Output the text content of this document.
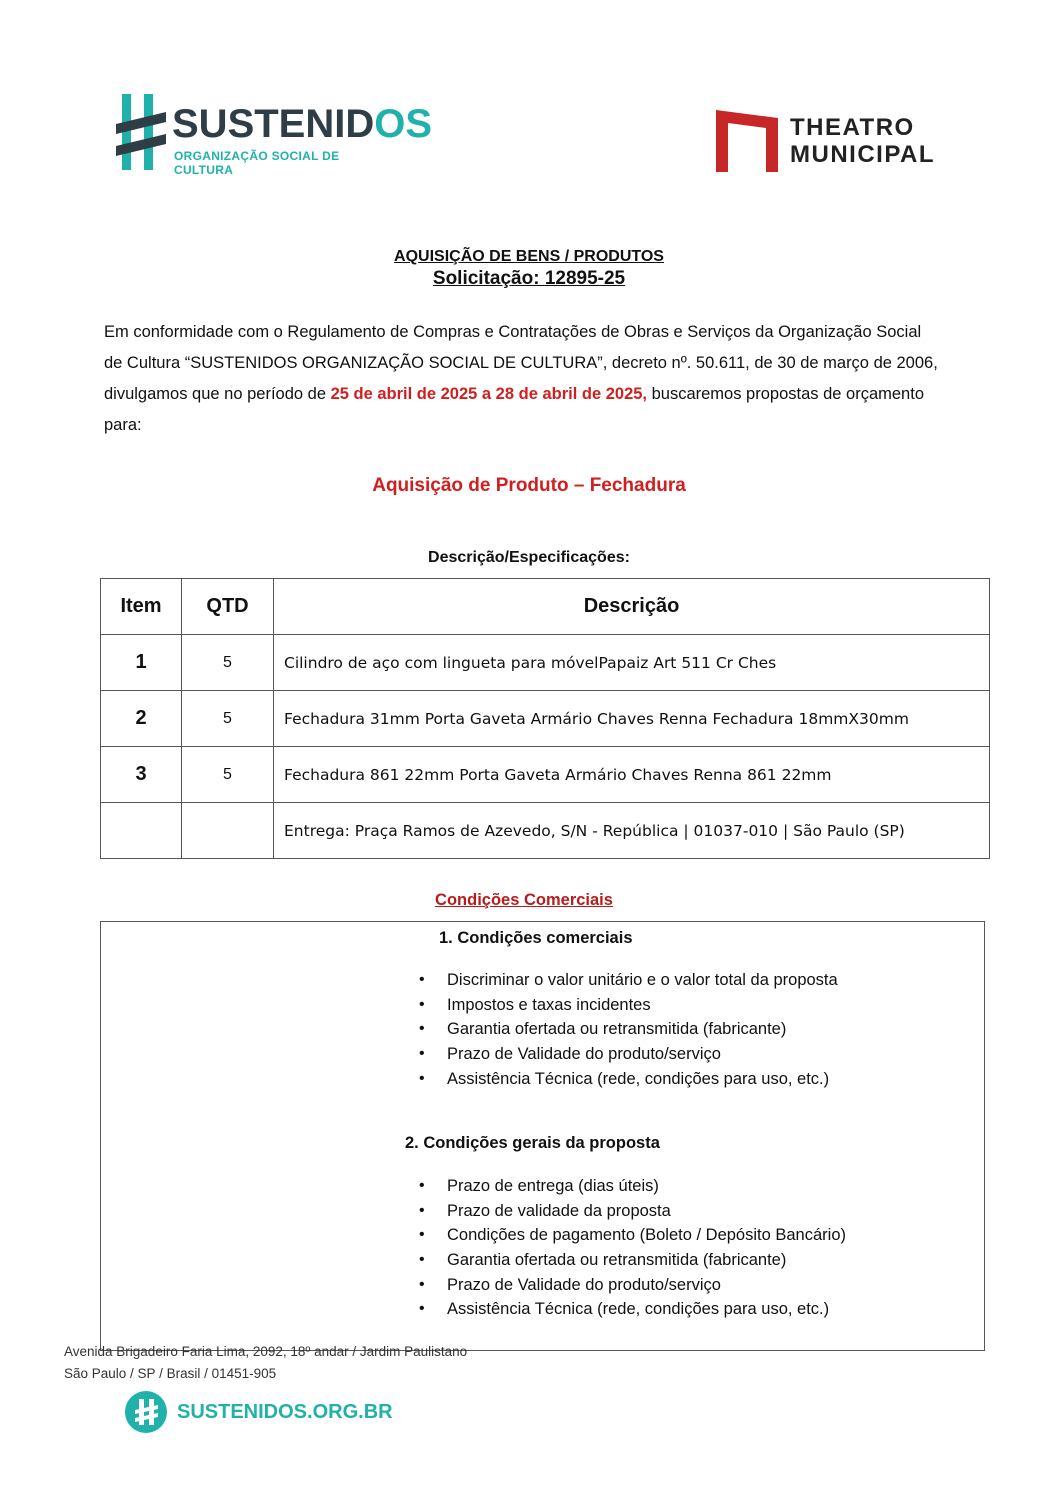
SUSTENIDOS
ORGANIZAÇÃO SOCIAL DE CULTURA
THEATRO
MUNICIPAL
AQUISIÇÃO DE BENS / PRODUTOS
Solicitação: 12895-25
Em conformidade com o Regulamento de Compras e Contratações de Obras e Serviços da Organização Social de Cultura “SUSTENIDOS ORGANIZAÇÃO SOCIAL DE CULTURA”, decreto nº. 50.611, de 30 de março de 2006, divulgamos que no período de 25 de abril de 2025 a 28 de abril de 2025, buscaremos propostas de orçamento para:
Aquisição de Produto – Fechadura
Descrição/Especificações:
Item	QTD	Descrição
1	5	Cilindro de aço com lingueta para móvelPapaiz Art 511 Cr Ches
2	5	Fechadura 31mm Porta Gaveta Armário Chaves Renna Fechadura 18mmX30mm
3	5	Fechadura 861 22mm Porta Gaveta Armário Chaves Renna 861 22mm
		Entrega: Praça Ramos de Azevedo, S/N - República | 01037-010 | São Paulo (SP)
Condições Comerciais
1. Condições comerciais
• Discriminar o valor unitário e o valor total da proposta
• Impostos e taxas incidentes
• Garantia ofertada ou retransmitida (fabricante)
• Prazo de Validade do produto/serviço
• Assistência Técnica (rede, condições para uso, etc.)
2. Condições gerais da proposta
• Prazo de entrega (dias úteis)
• Prazo de validade da proposta
• Condições de pagamento (Boleto / Depósito Bancário)
• Garantia ofertada ou retransmitida (fabricante)
• Prazo de Validade do produto/serviço
• Assistência Técnica (rede, condições para uso, etc.)
Avenida Brigadeiro Faria Lima, 2092, 18º andar / Jardim Paulistano
São Paulo / SP / Brasil / 01451-905
SUSTENIDOS.ORG.BR
